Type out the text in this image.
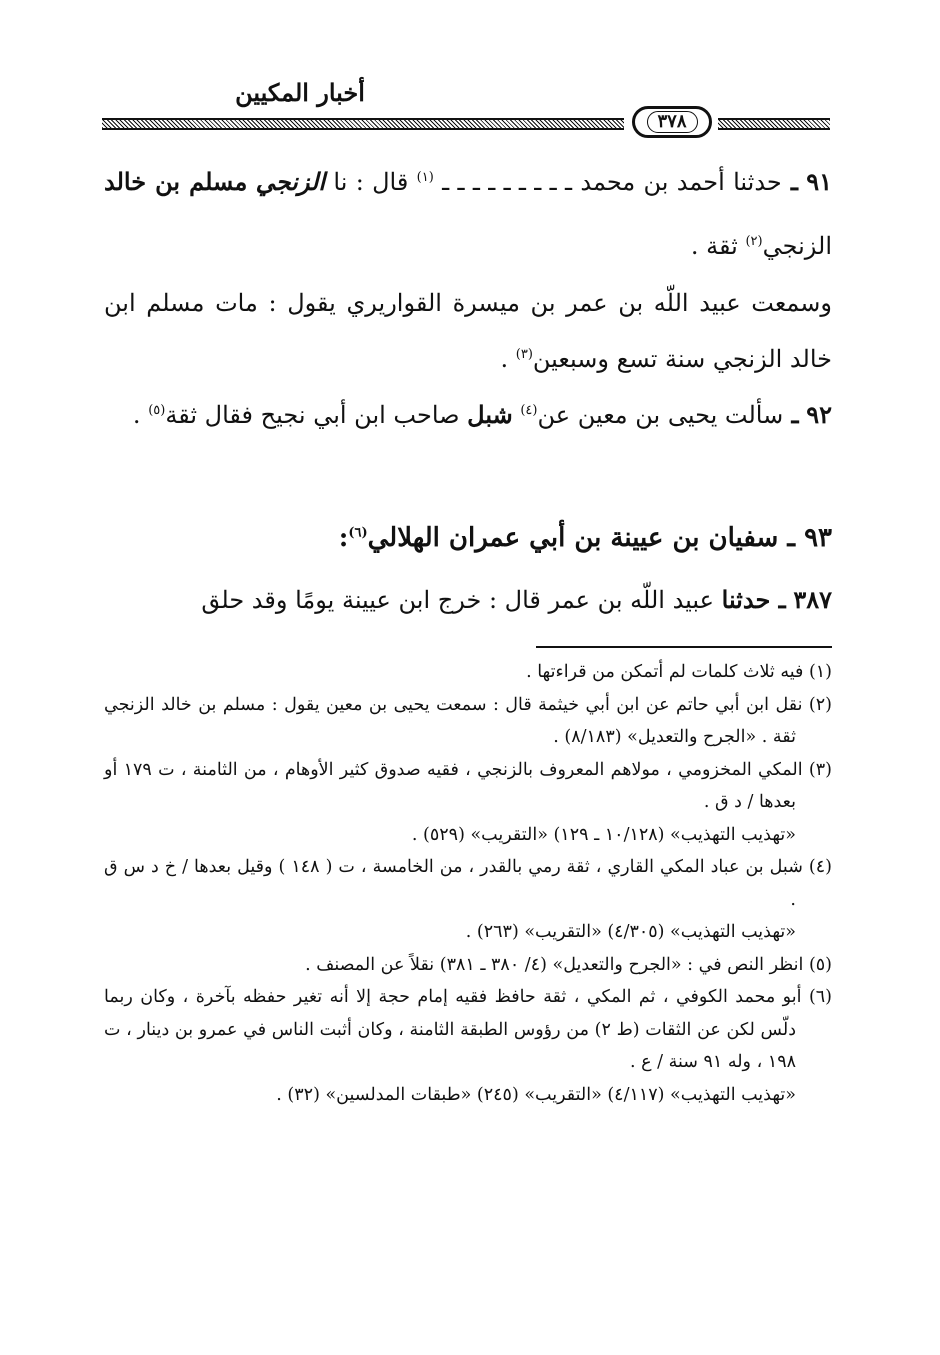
أخبار المكيين
٣٧٨
٩١ ـ حدثنا أحمد بن محمد ـ ـ ـ ـ ـ ـ ـ ـ ـ $^{(١)}$ قال : نا الزنجي مسلم بن خالد الزنجي$^{(٢)}$ ثقة .
وسمعت عبيد اللّه بن عمر بن ميسرة القواريري يقول : مات مسلم ابن خالد الزنجي سنة تسع وسبعين$^{(٣)}$ .
٩٢ ـ سألت يحيى بن معين عن$^{(٤)}$ شبل صاحب ابن أبي نجيح فقال ثقة$^{(٥)}$ .
٩٣ ـ سفيان بن عيينة بن أبي عمران الهلالي$^{(٦)}$:
٣٨٧ ـ حدثنا عبيد اللّه بن عمر قال : خرج ابن عيينة يومًا وقد حلق

(١) فيه ثلاث كلمات لم أتمكن من قراءتها .

(٢) نقل ابن أبي حاتم عن ابن أبي خيثمة قال : سمعت يحيى بن معين يقول : مسلم بن خالد الزنجي ثقة . «الجرح والتعديل» (٨/١٨٣) .

(٣) المكي المخزومي ، مولاهم المعروف بالزنجي ، فقيه صدوق كثير الأوهام ، من الثامنة ، ت ١٧٩ أو بعدها / د ق .

«تهذيب التهذيب» (١٠/١٢٨ ـ ١٢٩) «التقريب» (٥٢٩) .

(٤) شبل بن عباد المكي القاري ، ثقة رمي بالقدر ، من الخامسة ، ت ( ١٤٨ ) وقيل بعدها / خ د س ق .

«تهذيب التهذيب» (٤/٣٠٥) «التقريب» (٢٦٣) .

(٥) انظر النص في : «الجرح والتعديل» (٤/ ٣٨٠ ـ ٣٨١) نقلاً عن المصنف .

(٦) أبو محمد الكوفي ، ثم المكي ، ثقة حافظ فقيه إمام حجة إلا أنه تغير حفظه بآخرة ، وكان ربما دلّس لكن عن الثقات (ط ٢) من رؤوس الطبقة الثامنة ، وكان أثبت الناس في عمرو بن دينار ، ت ١٩٨ ، وله ٩١ سنة / ع .

«تهذيب التهذيب» (٤/١١٧) «التقريب» (٢٤٥) «طبقات المدلسين» (٣٢) .
